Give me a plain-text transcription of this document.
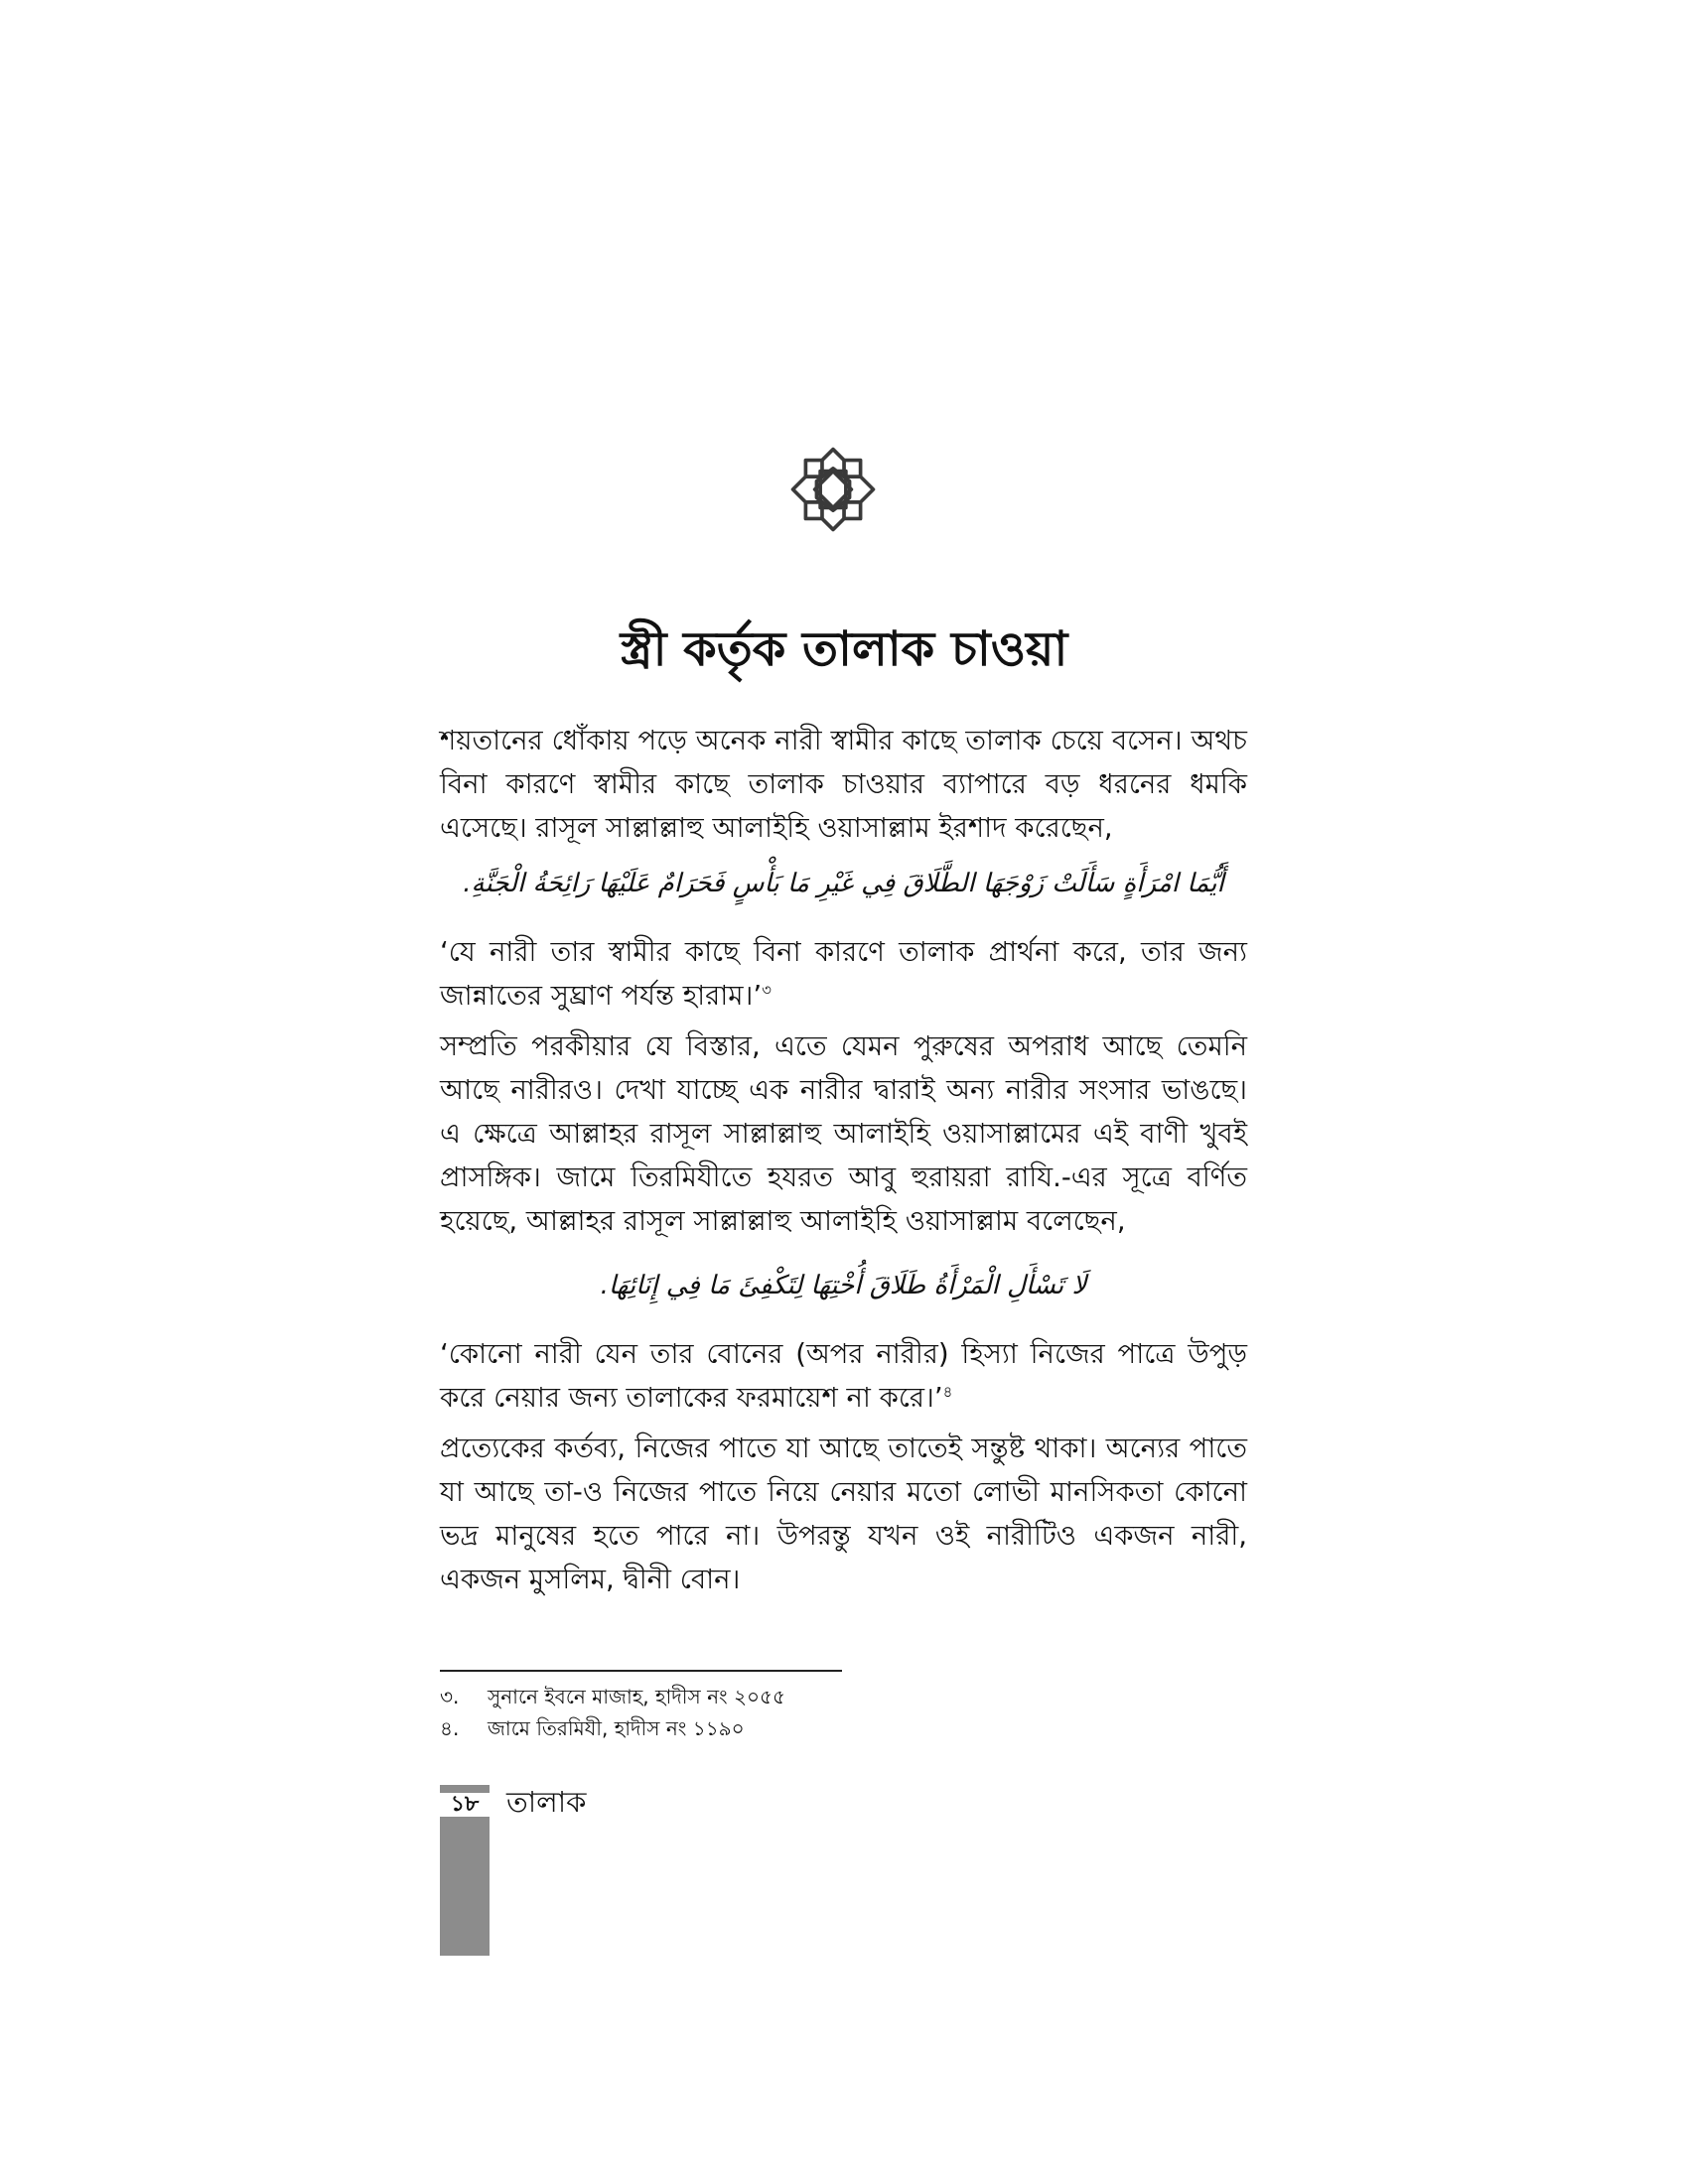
স্ত্রী কর্তৃক তালাক চাওয়া

শয়তানের ধোঁকায় পড়ে অনেক নারী স্বামীর কাছে তালাক চেয়ে বসেন। অথচ বিনা কারণে স্বামীর কাছে তালাক চাওয়ার ব্যাপারে বড় ধরনের ধমকি এসেছে। রাসূল সাল্লাল্লাহু আলাইহি ওয়াসাল্লাম ইরশাদ করেছেন,

أَيُّمَا امْرَأَةٍ سَأَلَتْ زَوْجَهَا الطَّلَاقَ فِي غَيْرِ مَا بَأْسٍ فَحَرَامٌ عَلَيْهَا رَائِحَةُ الْجَنَّةِ.

‘যে নারী তার স্বামীর কাছে বিনা কারণে তালাক প্রার্থনা করে, তার জন্য জান্নাতের সুঘ্রাণ পর্যন্ত হারাম।’$^৩$

সম্প্রতি পরকীয়ার যে বিস্তার, এতে যেমন পুরুষের অপরাধ আছে তেমনি আছে নারীরও। দেখা যাচ্ছে এক নারীর দ্বারাই অন্য নারীর সংসার ভাঙছে। এ ক্ষেত্রে আল্লাহর রাসূল সাল্লাল্লাহু আলাইহি ওয়াসাল্লামের এই বাণী খুবই প্রাসঙ্গিক। জামে তিরমিযীতে হযরত আবু হুরায়রা রাযি.-এর সূত্রে বর্ণিত হয়েছে, আল্লাহর রাসূল সাল্লাল্লাহু আলাইহি ওয়াসাল্লাম বলেছেন,

لَا تَسْأَلِ الْمَرْأَةُ طَلَاقَ أُخْتِهَا لِتَكْفِئَ مَا فِي إِنَائِهَا.

‘কোনো নারী যেন তার বোনের (অপর নারীর) হিস্যা নিজের পাত্রে উপুড় করে নেয়ার জন্য তালাকের ফরমায়েশ না করে।’$^৪$

প্রত্যেকের কর্তব্য, নিজের পাতে যা আছে তাতেই সন্তুষ্ট থাকা। অন্যের পাতে যা আছে তা-ও নিজের পাতে নিয়ে নেয়ার মতো লোভী মানসিকতা কোনো ভদ্র মানুষের হতে পারে না। উপরন্তু যখন ওই নারীটিও একজন নারী, একজন মুসলিম, দ্বীনী বোন।

৩. সুনানে ইবনে মাজাহ, হাদীস নং ২০৫৫

৪. জামে তিরমিযী, হাদীস নং ১১৯০

১৮ তালাক
